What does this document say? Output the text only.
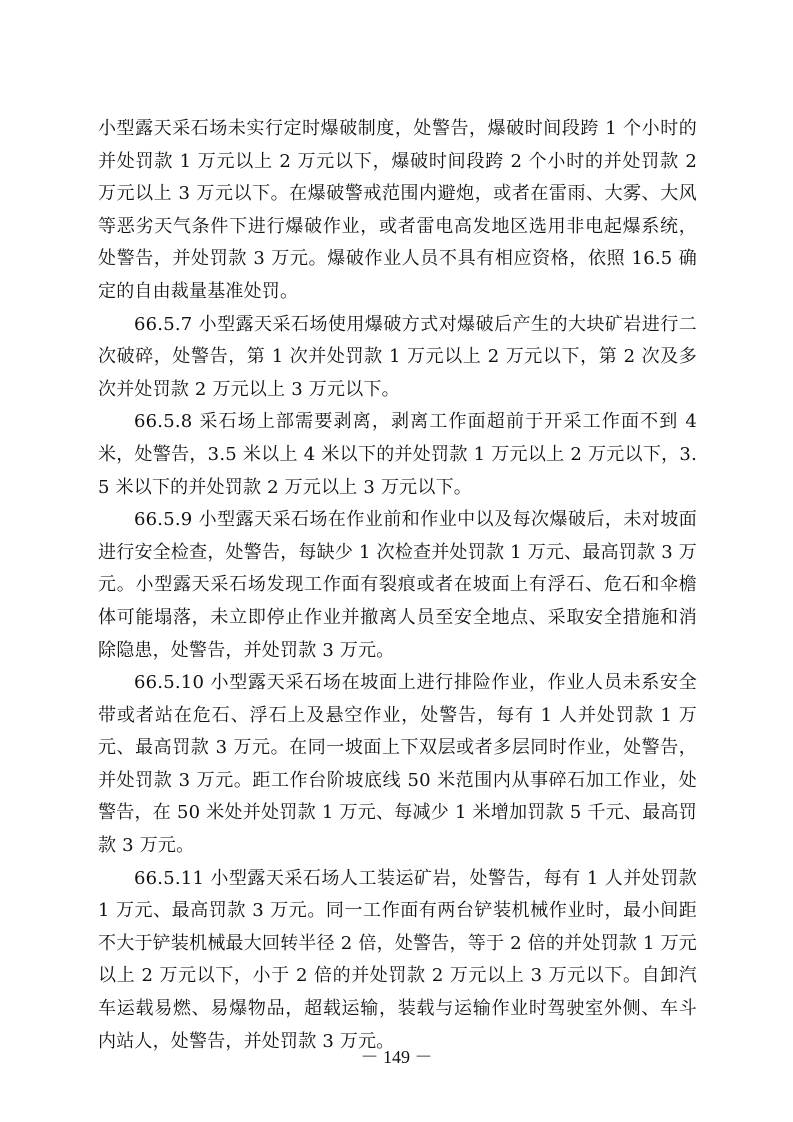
小型露天采石场未实行定时爆破制度，处警告，爆破时间段跨 1 个小时的并处罚款 1 万元以上 2 万元以下，爆破时间段跨 2 个小时的并处罚款 2 万元以上 3 万元以下。在爆破警戒范围内避炮，或者在雷雨、大雾、大风等恶劣天气条件下进行爆破作业，或者雷电高发地区选用非电起爆系统，处警告，并处罚款 3 万元。爆破作业人员不具有相应资格，依照 16.5 确定的自由裁量基准处罚。

66.5.7 小型露天采石场使用爆破方式对爆破后产生的大块矿岩进行二次破碎，处警告，第 1 次并处罚款 1 万元以上 2 万元以下，第 2 次及多次并处罚款 2 万元以上 3 万元以下。

66.5.8 采石场上部需要剥离，剥离工作面超前于开采工作面不到 4 米，处警告，3.5 米以上 4 米以下的并处罚款 1 万元以上 2 万元以下，3.5 米以下的并处罚款 2 万元以上 3 万元以下。

66.5.9 小型露天采石场在作业前和作业中以及每次爆破后，未对坡面进行安全检查，处警告，每缺少 1 次检查并处罚款 1 万元、最高罚款 3 万元。小型露天采石场发现工作面有裂痕或者在坡面上有浮石、危石和伞檐体可能塌落，未立即停止作业并撤离人员至安全地点、采取安全措施和消除隐患，处警告，并处罚款 3 万元。

66.5.10 小型露天采石场在坡面上进行排险作业，作业人员未系安全带或者站在危石、浮石上及悬空作业，处警告，每有 1 人并处罚款 1 万元、最高罚款 3 万元。在同一坡面上下双层或者多层同时作业，处警告，并处罚款 3 万元。距工作台阶坡底线 50 米范围内从事碎石加工作业，处警告，在 50 米处并处罚款 1 万元、每减少 1 米增加罚款 5 千元、最高罚款 3 万元。

66.5.11 小型露天采石场人工装运矿岩，处警告，每有 1 人并处罚款 1 万元、最高罚款 3 万元。同一工作面有两台铲装机械作业时，最小间距不大于铲装机械最大回转半径 2 倍，处警告，等于 2 倍的并处罚款 1 万元以上 2 万元以下，小于 2 倍的并处罚款 2 万元以上 3 万元以下。自卸汽车运载易燃、易爆物品，超载运输，装载与运输作业时驾驶室外侧、车斗内站人，处警告，并处罚款 3 万元。

－ 149 －
